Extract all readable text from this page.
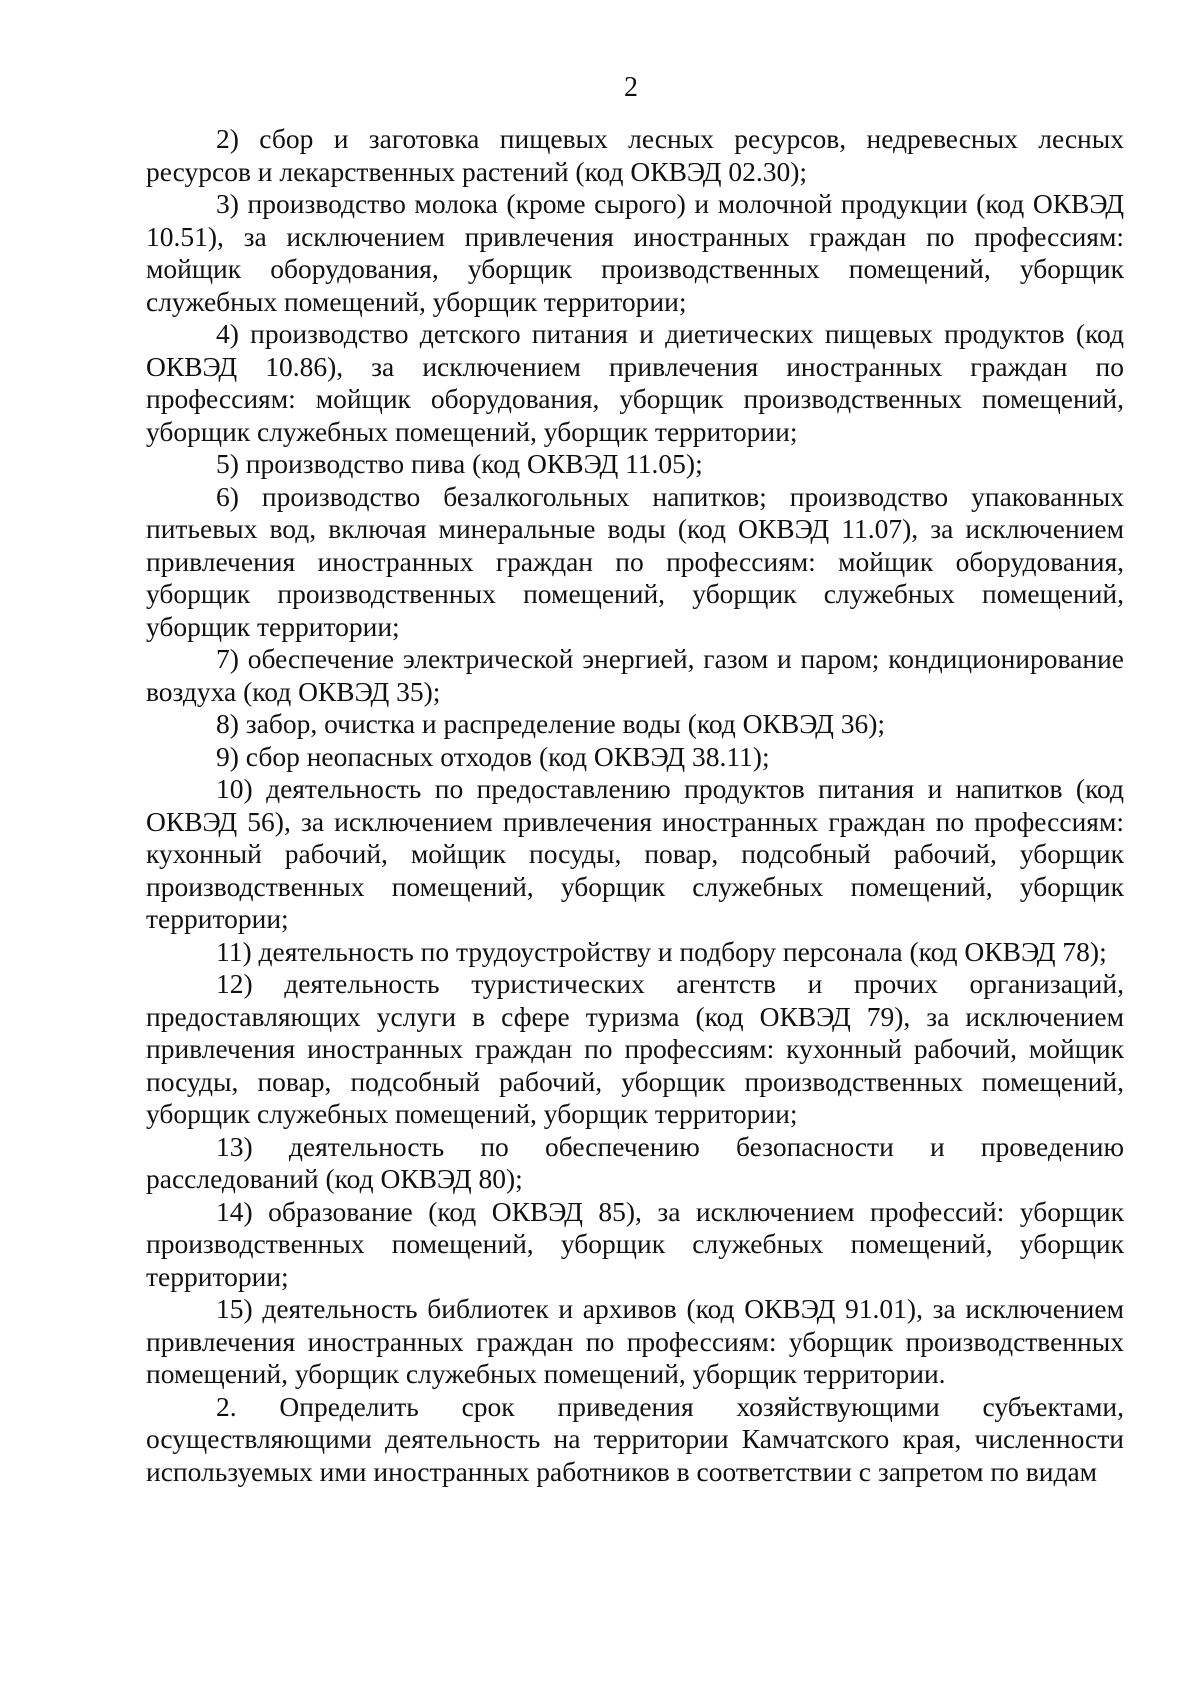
2

2) сбор и заготовка пищевых лесных ресурсов, недревесных лесных ресурсов и лекарственных растений (код ОКВЭД 02.30);

3) производство молока (кроме сырого) и молочной продукции (код ОКВЭД 10.51), за исключением привлечения иностранных граждан по профессиям: мойщик оборудования, уборщик производственных помещений, уборщик служебных помещений, уборщик территории;

4) производство детского питания и диетических пищевых продуктов (код ОКВЭД 10.86), за исключением привлечения иностранных граждан по профессиям: мойщик оборудования, уборщик производственных помещений, уборщик служебных помещений, уборщик территории;

5) производство пива (код ОКВЭД 11.05);

6) производство безалкогольных напитков; производство упакованных питьевых вод, включая минеральные воды (код ОКВЭД 11.07), за исключением привлечения иностранных граждан по профессиям: мойщик оборудования, уборщик производственных помещений, уборщик служебных помещений, уборщик территории;

7) обеспечение электрической энергией, газом и паром; кондиционирование воздуха (код ОКВЭД 35);

8) забор, очистка и распределение воды (код ОКВЭД 36);

9) сбор неопасных отходов (код ОКВЭД 38.11);

10) деятельность по предоставлению продуктов питания и напитков (код ОКВЭД 56), за исключением привлечения иностранных граждан по профессиям: кухонный рабочий, мойщик посуды, повар, подсобный рабочий, уборщик производственных помещений, уборщик служебных помещений, уборщик территории;

11) деятельность по трудоустройству и подбору персонала (код ОКВЭД 78);

12) деятельность туристических агентств и прочих организаций, предоставляющих услуги в сфере туризма (код ОКВЭД 79), за исключением привлечения иностранных граждан по профессиям: кухонный рабочий, мойщик посуды, повар, подсобный рабочий, уборщик производственных помещений, уборщик служебных помещений, уборщик территории;

13) деятельность по обеспечению безопасности и проведению расследований (код ОКВЭД 80);

14) образование (код ОКВЭД 85), за исключением профессий: уборщик производственных помещений, уборщик служебных помещений, уборщик территории;

15) деятельность библиотек и архивов (код ОКВЭД 91.01), за исключением привлечения иностранных граждан по профессиям: уборщик производственных помещений, уборщик служебных помещений, уборщик территории.

2. Определить срок приведения хозяйствующими субъектами, осуществляющими деятельность на территории Камчатского края, численности используемых ими иностранных работников в соответствии с запретом по видам
